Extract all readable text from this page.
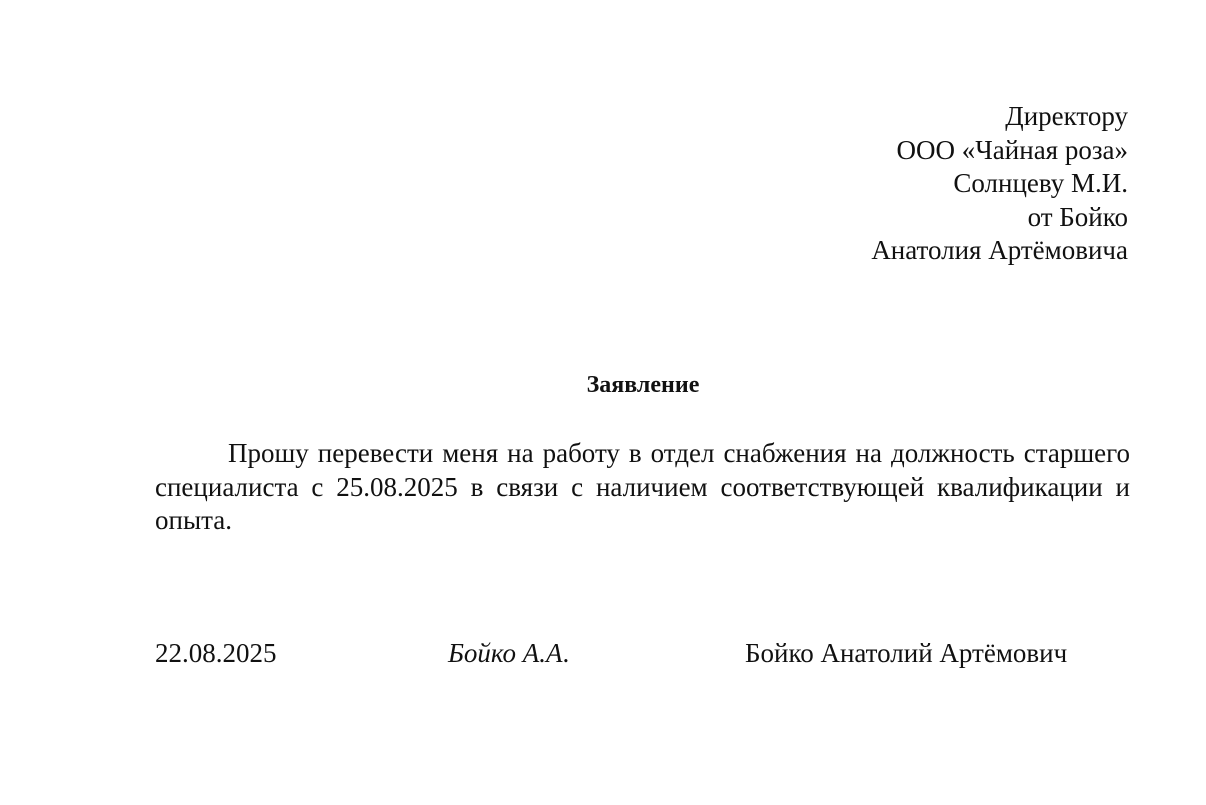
Директору
ООО «Чайная роза»
Солнцеву М.И.
от Бойко
Анатолия Артёмовича
Заявление

Прошу перевести меня на работу в отдел снабжения на должность старшего специалиста с 25.08.2025 в связи с наличием соответствующей квалификации и опыта.

22.08.2025	Бойко А.А.	Бойко Анатолий Артёмович
